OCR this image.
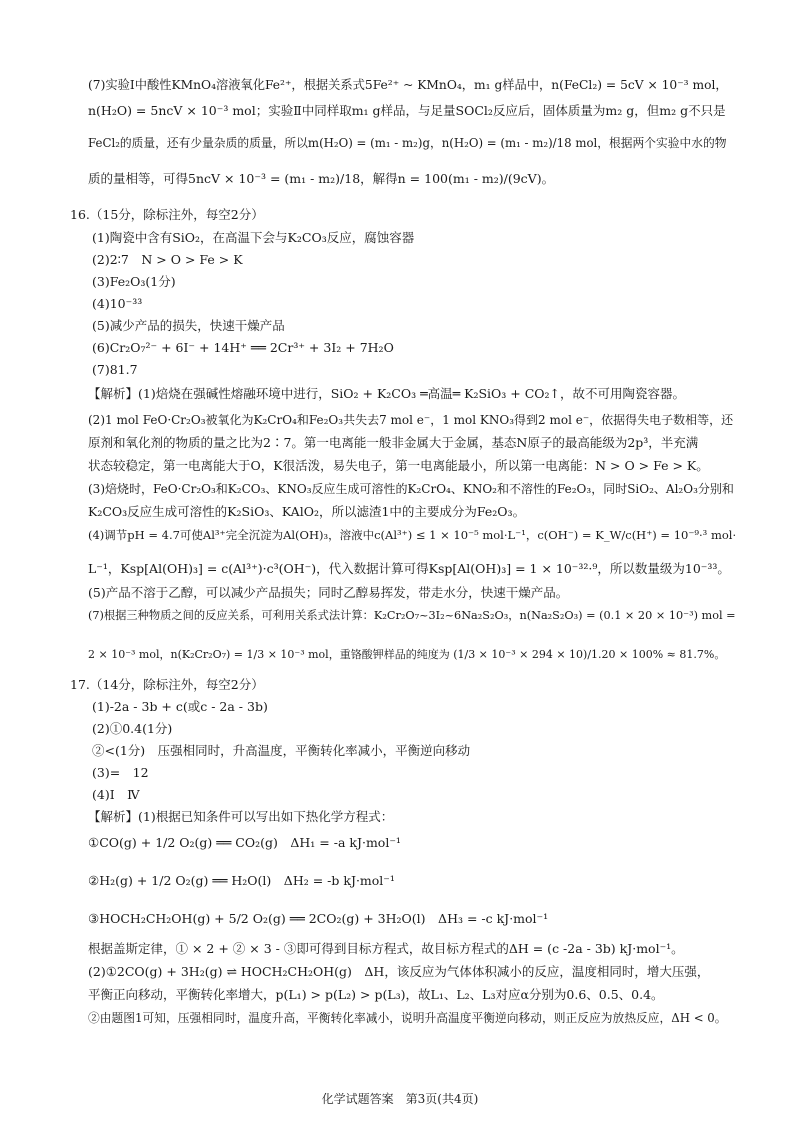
(7)实验Ⅰ中酸性KMnO₄溶液氧化Fe²⁺，根据关系式5Fe²⁺ ~ KMnO₄，m₁ g样品中，n(FeCl₂) = 5cV × 10⁻³ mol，
n(H₂O) = 5ncV × 10⁻³ mol；实验Ⅱ中同样取m₁ g样品，与足量SOCl₂反应后，固体质量为m₂ g，但m₂ g不只是
FeCl₂的质量，还有少量杂质的质量，所以m(H₂O) = (m₁ - m₂)g，n(H₂O) = (m₁ - m₂)/18 mol，根据两个实验中水的物
质的量相等，可得5ncV × 10⁻³ = (m₁ - m₂)/18，解得n = 100(m₁ - m₂)/(9cV)。
16.（15分，除标注外，每空2分）
(1)陶瓷中含有SiO₂，在高温下会与K₂CO₃反应，腐蚀容器
(2)2∶7　N > O > Fe > K
(3)Fe₂O₃(1分)
(4)10⁻³³
(5)减少产品的损失，快速干燥产品
(6)Cr₂O₇²⁻ + 6I⁻ + 14H⁺ ══ 2Cr³⁺ + 3I₂ + 7H₂O
(7)81.7
【解析】(1)焙烧在强碱性熔融环境中进行，SiO₂ + K₂CO₃ ═高温═ K₂SiO₃ + CO₂↑，故不可用陶瓷容器。
(2)1 mol FeO·Cr₂O₃被氧化为K₂CrO₄和Fe₂O₃共失去7 mol e⁻，1 mol KNO₃得到2 mol e⁻，依据得失电子数相等，还
原剂和氧化剂的物质的量之比为2∶7。第一电离能一般非金属大于金属，基态N原子的最高能级为2p³，半充满
状态较稳定，第一电离能大于O，K很活泼，易失电子，第一电离能最小，所以第一电离能：N > O > Fe > K。
(3)焙烧时，FeO·Cr₂O₃和K₂CO₃、KNO₃反应生成可溶性的K₂CrO₄、KNO₂和不溶性的Fe₂O₃，同时SiO₂、Al₂O₃分别和
K₂CO₃反应生成可溶性的K₂SiO₃、KAlO₂，所以滤渣1中的主要成分为Fe₂O₃。
(4)调节pH = 4.7可使Al³⁺完全沉淀为Al(OH)₃，溶液中c(Al³⁺) ≤ 1 × 10⁻⁵ mol·L⁻¹，c(OH⁻) = K_W/c(H⁺) = 10⁻⁹·³ mol·
L⁻¹，Ksp[Al(OH)₃] = c(Al³⁺)·c³(OH⁻)，代入数据计算可得Ksp[Al(OH)₃] = 1 × 10⁻³²·⁹，所以数量级为10⁻³³。
(5)产品不溶于乙醇，可以减少产品损失；同时乙醇易挥发，带走水分，快速干燥产品。
(7)根据三种物质之间的反应关系，可利用关系式法计算：K₂Cr₂O₇~3I₂~6Na₂S₂O₃，n(Na₂S₂O₃) = (0.1 × 20 × 10⁻³) mol =
2 × 10⁻³ mol，n(K₂Cr₂O₇) = 1/3 × 10⁻³ mol，重铬酸钾样品的纯度为 (1/3 × 10⁻³ × 294 × 10)/1.20 × 100% ≈ 81.7%。
17.（14分，除标注外，每空2分）
(1)-2a - 3b + c(或c - 2a - 3b)
(2)①0.4(1分)
②<(1分)　压强相同时，升高温度，平衡转化率减小，平衡逆向移动
(3)=　12
(4)Ⅰ　Ⅳ
【解析】(1)根据已知条件可以写出如下热化学方程式：
①CO(g) + 1/2 O₂(g) ══ CO₂(g)　ΔH₁ = -a kJ·mol⁻¹
②H₂(g) + 1/2 O₂(g) ══ H₂O(l)　ΔH₂ = -b kJ·mol⁻¹
③HOCH₂CH₂OH(g) + 5/2 O₂(g) ══ 2CO₂(g) + 3H₂O(l)　ΔH₃ = -c kJ·mol⁻¹
根据盖斯定律，① × 2 + ② × 3 - ③即可得到目标方程式，故目标方程式的ΔH = (c -2a - 3b) kJ·mol⁻¹。
(2)①2CO(g) + 3H₂(g) ⇌ HOCH₂CH₂OH(g)　ΔH，该反应为气体体积减小的反应，温度相同时，增大压强，
平衡正向移动，平衡转化率增大，p(L₁) > p(L₂) > p(L₃)，故L₁、L₂、L₃对应α分别为0.6、0.5、0.4。
②由题图1可知，压强相同时，温度升高，平衡转化率减小，说明升高温度平衡逆向移动，则正反应为放热反应，ΔH < 0。
化学试题答案　第3页(共4页)
